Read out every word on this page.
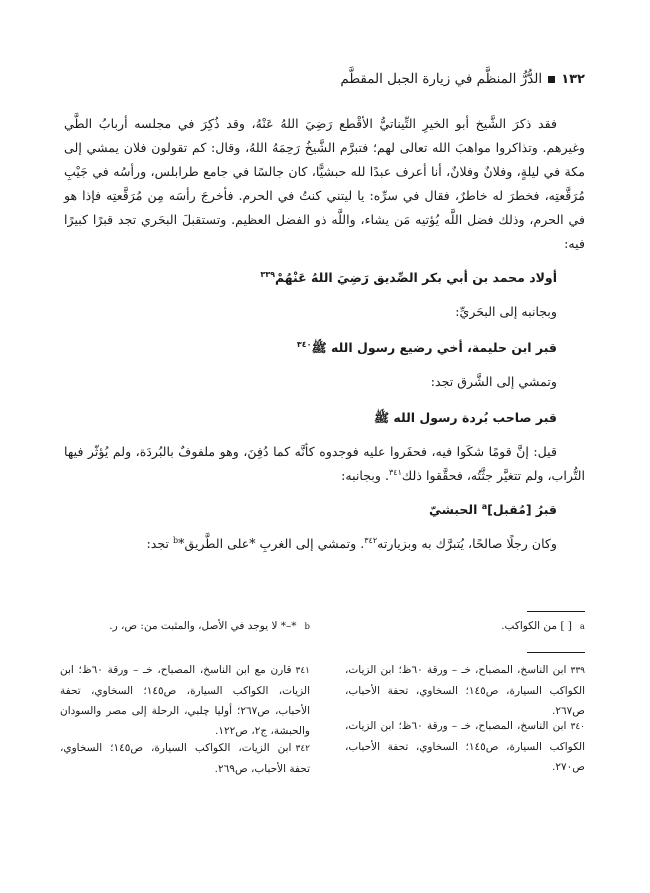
١٣٢الدُّرُّ المنظَّم في زيارة الجبل المقطَّم

فقد ذكرَ الشَّيخ أبو الخيرِ التِّيناتيُّ الأقْطع رَضِيَ اللهُ عَنْهُ، وقد ذُكِرَ في مجلسه أربابُ الطَّي وغيرهم. وتذاكروا مواهبَ الله تعالى لهم؛ فتبرَّم الشَّيخُ رَحِمَهُ اللهُ، وقال: كم تقولون فلان يمشي إلى مكة في ليلةٍ، وفلانٌ وفلانٌ، أنا أعرف عبدًا لله حبشيًّا، كان جالسًا في جامع طرابلس، ورأسُه في جَيْبِ مُرَقَّعتِه، فخطرَ له خاطرٌ، فقال في سرِّه: يا ليتني كنتُ في الحرم. فأخرجَ رأسَه مِن مُرَقَّعتِه فإذا هو في الحرم، وذلك فضل اللَّه يُؤتيه مَن يشاء، واللَّه ذو الفضل العظيم. وتستقبلَ البحَري تجد قبرًا كبيرًا فيه:

أولاد محمد بن أبي بكر الصِّديق رَضِيَ اللهُ عَنْهُمْ$^{٣٣٩}$

وبجانبه إلى البحَريِّ:

قبر ابن حليمة، أخي رضيع رسول الله ﷺ$^{٣٤٠}$

وتمشي إلى الشَّرق تجد:

قبر صاحب بُردة رسول الله ﷺ

قيل: إنَّ قومًا شكَوا فيه، فحفَروا عليه فوجدوه كأنَّه كما دُفِنَ، وهو ملفوفٌ بالبُردَة، ولم يُؤثّر فيها التُّراب، ولم تتغيَّر جثَّتُه، فحقَّقوا ذلك$^{٣٤١}$. وبجانبه:

قبرُ [مُقبل]$^a$ الحبشيّ

وكان رجلًا صالحًا، يُتبرَّك به وبزيارته$^{٣٤٢}$. وتمشي إلى الغربِ *على الطَّريق*$^b$ تجد:

a[ ] من الكواكب.
b*–* لا يوجد في الأصل، والمثبت من: ص، ر.
٣٣٩ابن الناسخ، المصباح، خـ – ورقة ٦٠ظ؛ ابن الزيات، الكواكب السيارة، ص١٤٥؛ السخاوي، تحفة الأحباب، ص٢٦٧.
٣٤٠ابن الناسخ، المصباح، خـ – ورقة ٦٠ظ؛ ابن الزيات، الكواكب السيارة، ص١٤٥؛ السخاوي، تحفة الأحباب، ص٢٧٠.
٣٤١قارن مع ابن الناسخ، المصباح، خـ – ورقة ٦٠ظ؛ ابن الزيات، الكواكب السيارة، ص١٤٥؛ السخاوي، تحفة الأحباب، ص٢٦٧؛ أوليا چلبي، الرحلة إلى مصر والسودان والحبشة، ج٢، ص١٢٢.
٣٤٢ابن الزيات، الكواكب السيارة، ص١٤٥؛ السخاوي، تحفة الأحباب، ص٢٦٩.
